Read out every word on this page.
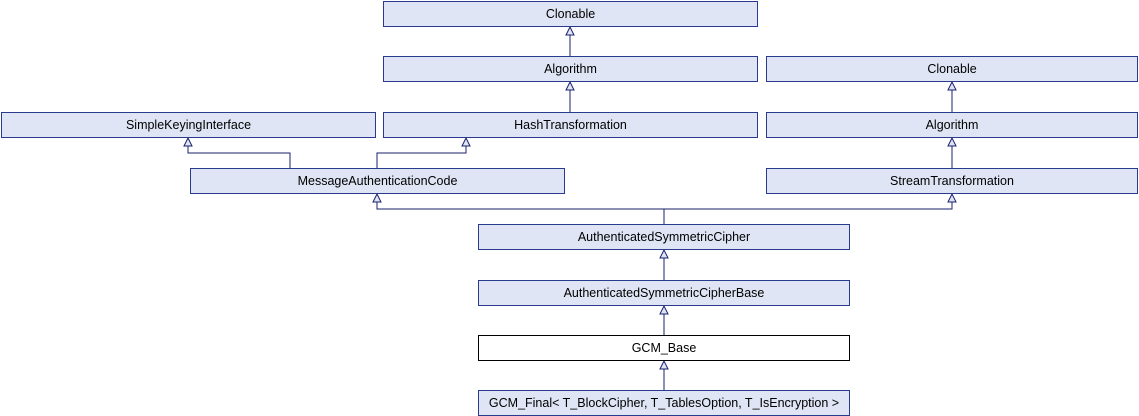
Clonable
Algorithm	Clonable
SimpleKeyingInterface	HashTransformation	Algorithm
MessageAuthenticationCode	StreamTransformation
AuthenticatedSymmetricCipher
AuthenticatedSymmetricCipherBase
GCM_Base
GCM_Final< T_BlockCipher, T_TablesOption, T_IsEncryption >
